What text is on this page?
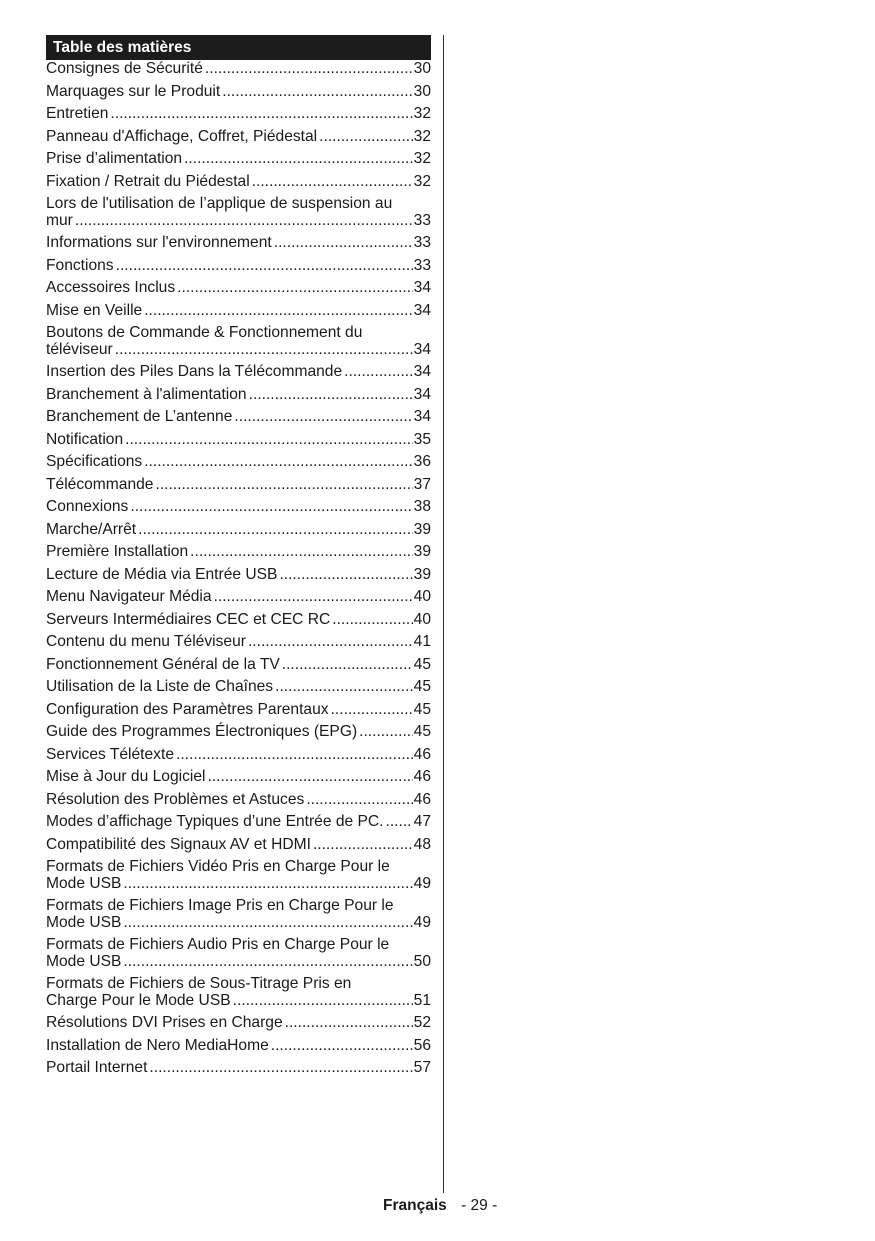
Table des matières
Consignes de Sécurité .....	30
Marquages sur le Produit .....	30
Entretien .....	32
Panneau d'Affichage, Coffret, Piédestal .....	32
Prise d’alimentation .....	32
Fixation / Retrait du Piédestal .....	32
Lors de l'utilisation de l’applique de suspension au
mur .....	33
Informations sur l'environnement .....	33
Fonctions .....	33
Accessoires Inclus .....	34
Mise en Veille .....	34
Boutons de Commande & Fonctionnement du
téléviseur .....	34
Insertion des Piles Dans la Télécommande .....	34
Branchement à l'alimentation .....	34
Branchement de L’antenne .....	34
Notification .....	35
Spécifications .....	36
Télécommande .....	37
Connexions .....	38
Marche/Arrêt .....	39
Première Installation .....	39
Lecture de Média via Entrée USB .....	39
Menu Navigateur Média .....	40
Serveurs Intermédiaires CEC et CEC RC .....	40
Contenu du menu Téléviseur .....	41
Fonctionnement Général de la TV .....	45
Utilisation de la Liste de Chaînes .....	45
Configuration des Paramètres Parentaux .....	45
Guide des Programmes Électroniques (EPG) .....	45
Services Télétexte .....	46
Mise à Jour du Logiciel .....	46
Résolution des Problèmes et Astuces .....	46
Modes d’affichage Typiques d’une Entrée de PC. ..... 47
Compatibilité des Signaux AV et HDMI .....	48
Formats de Fichiers Vidéo Pris en Charge Pour le
Mode USB .....	49
Formats de Fichiers Image Pris en Charge Pour le
Mode USB .....	49
Formats de Fichiers Audio Pris en Charge Pour le
Mode USB .....	50
Formats de Fichiers de Sous-Titrage Pris en
Charge Pour le Mode USB .....	51
Résolutions DVI Prises en Charge .....	52
Installation de Nero MediaHome .....	56
Portail Internet .....	57
Français - 29 -
